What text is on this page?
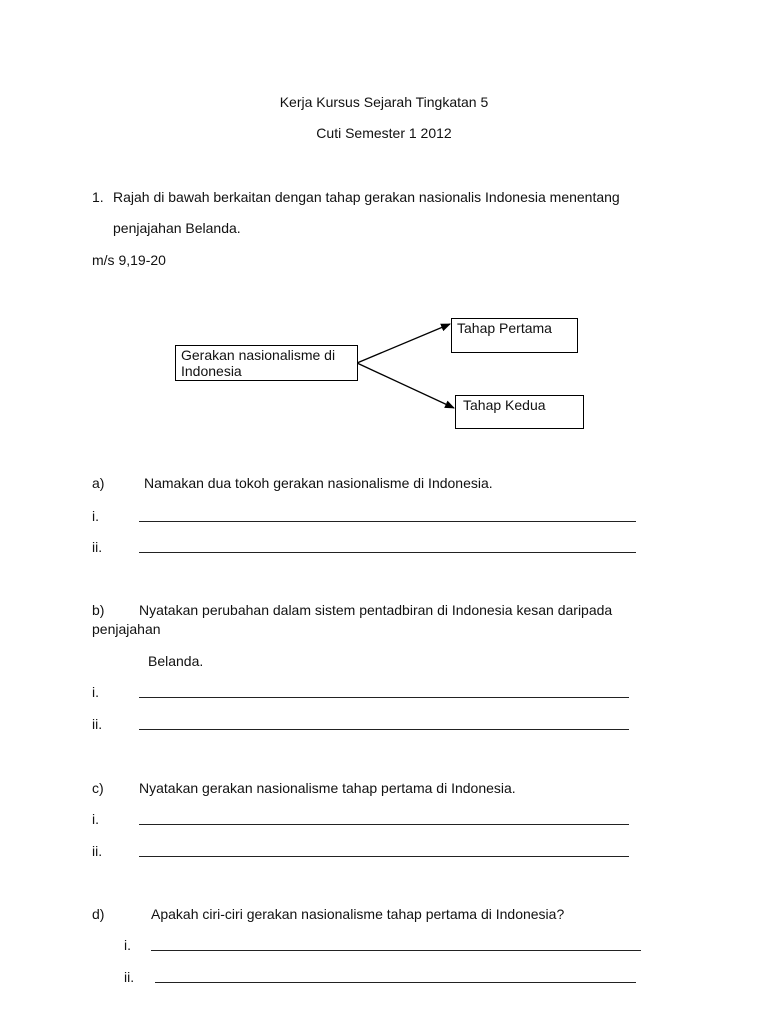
Kerja Kursus Sejarah Tingkatan 5
Cuti Semester 1 2012
1. Rajah di bawah berkaitan dengan tahap gerakan nasionalis Indonesia menentang
penjajahan Belanda.
m/s 9,19-20
Gerakan nasionalisme di Indonesia
Tahap Pertama
Tahap Kedua
a)	Namakan dua tokoh gerakan nasionalisme di Indonesia.
i.
ii.
b) Nyatakan perubahan dalam sistem pentadbiran di Indonesia kesan daripada
penjajahan
Belanda.
i.
ii.
c)	Nyatakan gerakan nasionalisme tahap pertama di Indonesia.
i.
ii.
d)	Apakah ciri-ciri gerakan nasionalisme tahap pertama di Indonesia?
i.
ii.
